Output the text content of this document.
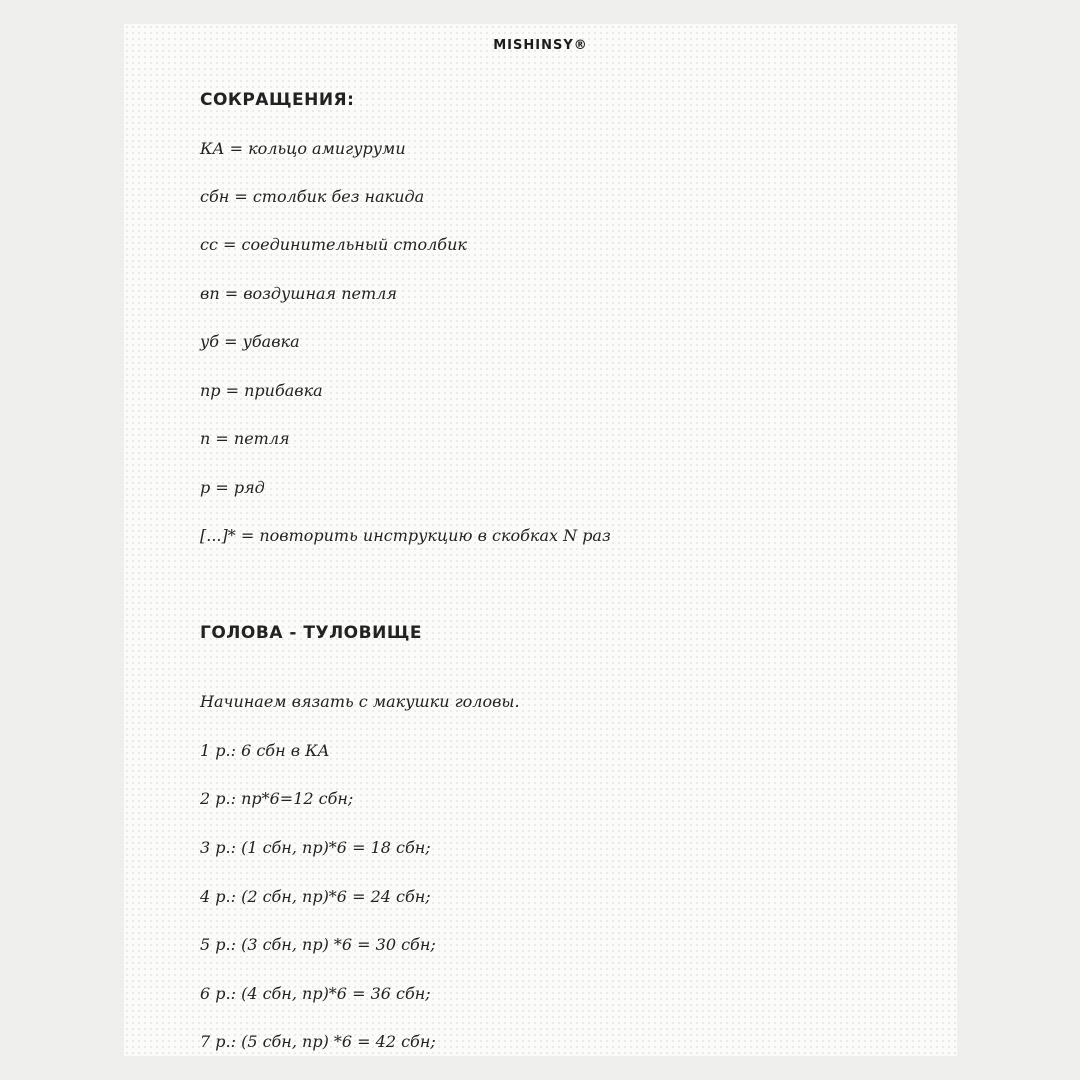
MISHINSY®
СОКРАЩЕНИЯ:
КА = кольцо амигуруми
сбн = столбик без накида
сс = соединительный столбик
вп = воздушная петля
уб = убавка
пр = прибавка
п = петля
р = ряд
[...]* = повторить инструкцию в скобках N раз
ГОЛОВА - ТУЛОВИЩЕ
Начинаем вязать с макушки головы.
1 р.: 6 сбн в КА
2 р.: пр*6=12 сбн;
3 р.: (1 сбн, пр)*6 = 18 сбн;
4 р.: (2 сбн, пр)*6 = 24 сбн;
5 р.: (3 сбн, пр) *6 = 30 сбн;
6 р.: (4 сбн, пр)*6 = 36 сбн;
7 р.: (5 сбн, пр) *6 = 42 сбн;
